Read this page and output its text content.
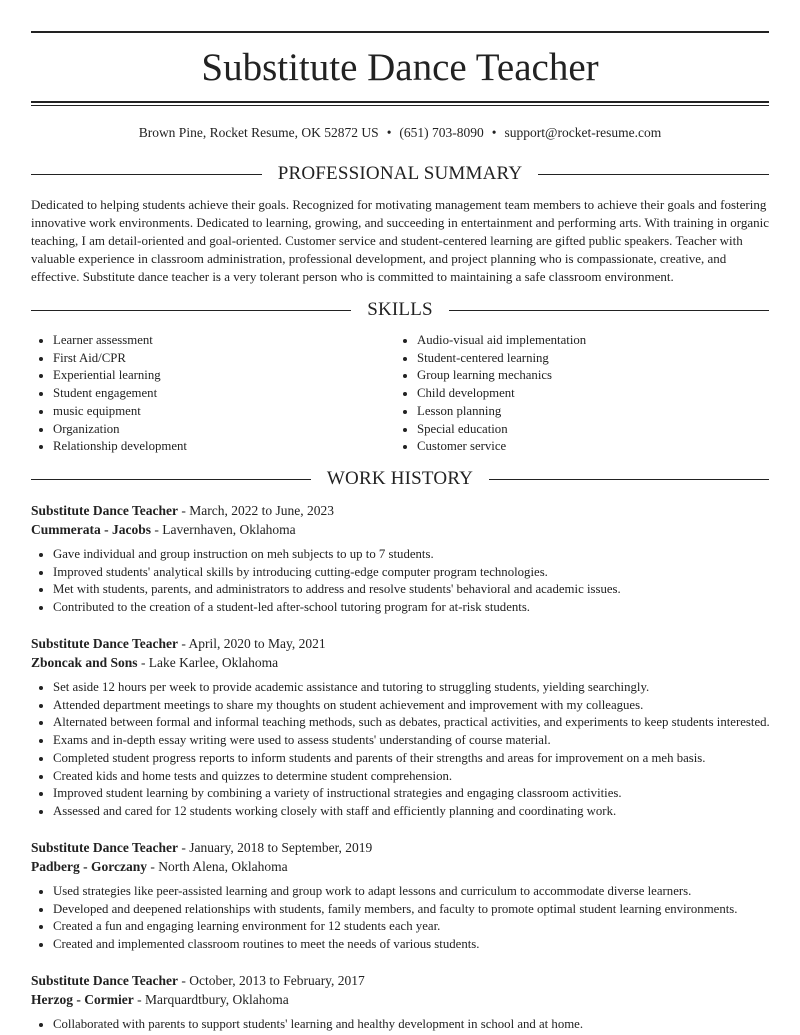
Substitute Dance Teacher
Brown Pine, Rocket Resume, OK 52872 US • (651) 703-8090 • support@rocket-resume.com
PROFESSIONAL SUMMARY

Dedicated to helping students achieve their goals. Recognized for motivating management team members to achieve their goals and fostering innovative work environments. Dedicated to learning, growing, and succeeding in entertainment and performing arts. With training in organic teaching, I am detail-oriented and goal-oriented. Customer service and student-centered learning are gifted public speakers. Teacher with valuable experience in classroom administration, professional development, and project planning who is compassionate, creative, and effective. Substitute dance teacher is a very tolerant person who is committed to maintaining a safe classroom environment.

SKILLS
• Learner assessment
• First Aid/CPR
• Experiential learning
• Student engagement
• music equipment
• Organization
• Relationship development
• Audio-visual aid implementation
• Student-centered learning
• Group learning mechanics
• Child development
• Lesson planning
• Special education
• Customer service
WORK HISTORY
Substitute Dance Teacher - March, 2022 to June, 2023
Cummerata - Jacobs - Lavernhaven, Oklahoma
• Gave individual and group instruction on meh subjects to up to 7 students.
• Improved students' analytical skills by introducing cutting-edge computer program technologies.
• Met with students, parents, and administrators to address and resolve students' behavioral and academic issues.
• Contributed to the creation of a student-led after-school tutoring program for at-risk students.
Substitute Dance Teacher - April, 2020 to May, 2021
Zboncak and Sons - Lake Karlee, Oklahoma
• Set aside 12 hours per week to provide academic assistance and tutoring to struggling students, yielding searchingly.
• Attended department meetings to share my thoughts on student achievement and improvement with my colleagues.
• Alternated between formal and informal teaching methods, such as debates, practical activities, and experiments to keep students interested.
• Exams and in-depth essay writing were used to assess students' understanding of course material.
• Completed student progress reports to inform students and parents of their strengths and areas for improvement on a meh basis.
• Created kids and home tests and quizzes to determine student comprehension.
• Improved student learning by combining a variety of instructional strategies and engaging classroom activities.
• Assessed and cared for 12 students working closely with staff and efficiently planning and coordinating work.
Substitute Dance Teacher - January, 2018 to September, 2019
Padberg - Gorczany - North Alena, Oklahoma
• Used strategies like peer-assisted learning and group work to adapt lessons and curriculum to accommodate diverse learners.
• Developed and deepened relationships with students, family members, and faculty to promote optimal student learning environments.
• Created a fun and engaging learning environment for 12 students each year.
• Created and implemented classroom routines to meet the needs of various students.
Substitute Dance Teacher - October, 2013 to February, 2017
Herzog - Cormier - Marquardtbury, Oklahoma
• Collaborated with parents to support students' learning and healthy development in school and at home.
